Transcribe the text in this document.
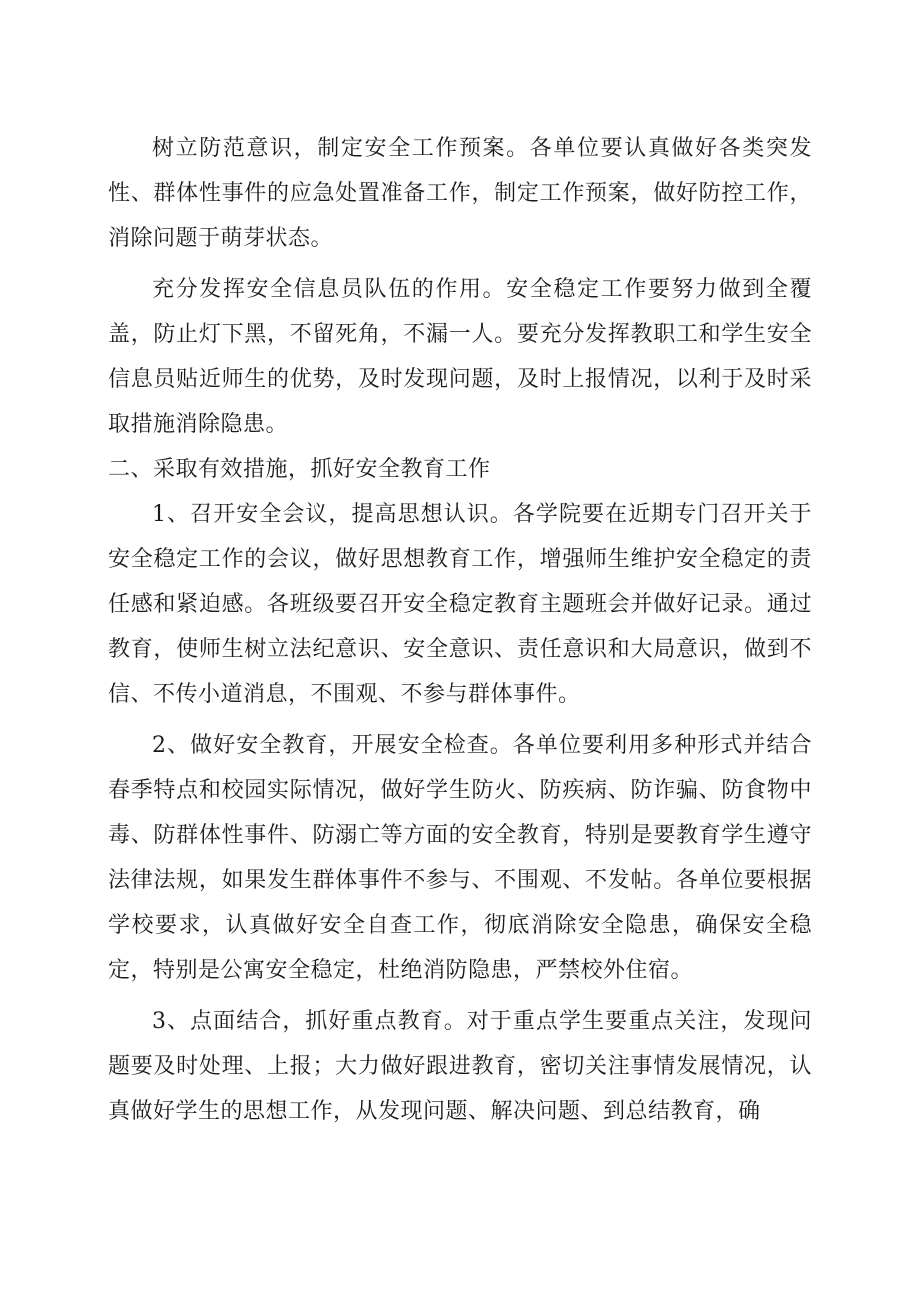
树立防范意识，制定安全工作预案。各单位要认真做好各类突发性、群体性事件的应急处置准备工作，制定工作预案，做好防控工作，消除问题于萌芽状态。

充分发挥安全信息员队伍的作用。安全稳定工作要努力做到全覆盖，防止灯下黑，不留死角，不漏一人。要充分发挥教职工和学生安全信息员贴近师生的优势，及时发现问题，及时上报情况，以利于及时采取措施消除隐患。

二、采取有效措施，抓好安全教育工作

1、召开安全会议，提高思想认识。各学院要在近期专门召开关于安全稳定工作的会议，做好思想教育工作，增强师生维护安全稳定的责任感和紧迫感。各班级要召开安全稳定教育主题班会并做好记录。通过教育，使师生树立法纪意识、安全意识、责任意识和大局意识，做到不信、不传小道消息，不围观、不参与群体事件。

2、做好安全教育，开展安全检查。各单位要利用多种形式并结合春季特点和校园实际情况，做好学生防火、防疾病、防诈骗、防食物中毒、防群体性事件、防溺亡等方面的安全教育，特别是要教育学生遵守法律法规，如果发生群体事件不参与、不围观、不发帖。各单位要根据学校要求，认真做好安全自查工作，彻底消除安全隐患，确保安全稳定，特别是公寓安全稳定，杜绝消防隐患，严禁校外住宿。

3、点面结合，抓好重点教育。对于重点学生要重点关注，发现问题要及时处理、上报；大力做好跟进教育，密切关注事情发展情况，认真做好学生的思想工作，从发现问题、解决问题、到总结教育，确
